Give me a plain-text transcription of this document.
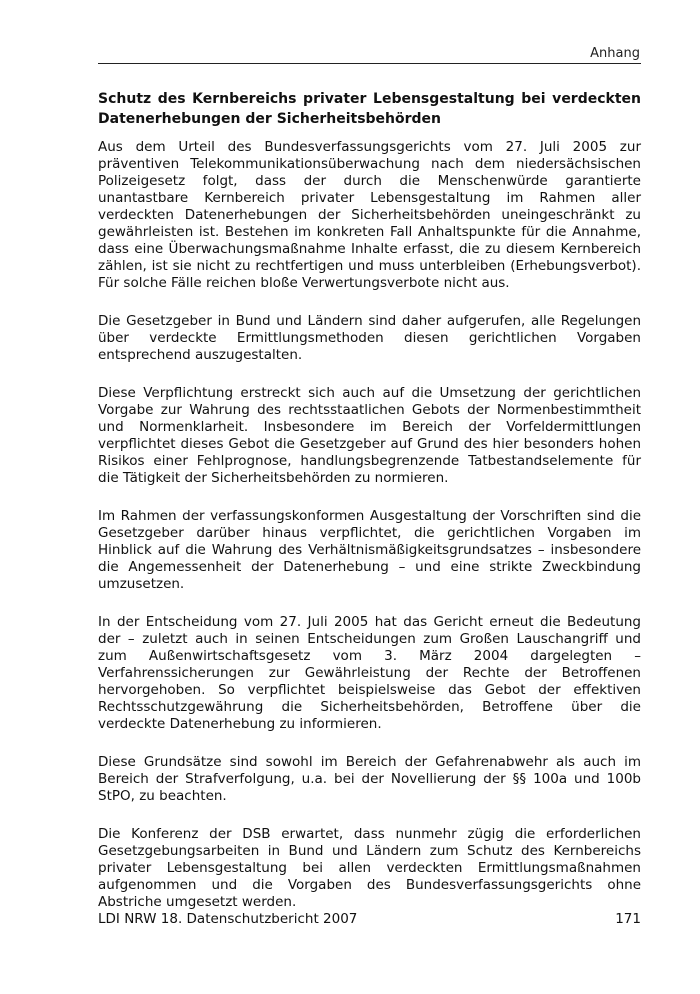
Anhang
Schutz des Kernbereichs privater Lebensgestaltung bei verdeckten Datenerhebungen der Sicherheitsbehörden

Aus dem Urteil des Bundesverfassungsgerichts vom 27. Juli 2005 zur präventiven Telekommunikationsüberwachung nach dem niedersächsischen Polizeigesetz folgt, dass der durch die Menschenwürde garantierte unantastbare Kernbereich privater Lebensgestaltung im Rahmen aller verdeckten Datenerhebungen der Sicherheitsbehörden uneingeschränkt zu gewährleisten ist. Bestehen im konkreten Fall Anhaltspunkte für die Annahme, dass eine Überwachungsmaßnahme Inhalte erfasst, die zu diesem Kernbereich zählen, ist sie nicht zu rechtfertigen und muss unterbleiben (Erhebungsverbot). Für solche Fälle reichen bloße Verwertungsverbote nicht aus.

Die Gesetzgeber in Bund und Ländern sind daher aufgerufen, alle Regelungen über verdeckte Ermittlungsmethoden diesen gerichtlichen Vorgaben entsprechend auszugestalten.

Diese Verpflichtung erstreckt sich auch auf die Umsetzung der gerichtlichen Vorgabe zur Wahrung des rechtsstaatlichen Gebots der Normenbestimmtheit und Normenklarheit. Insbesondere im Bereich der Vorfeldermittlungen verpflichtet dieses Gebot die Gesetzgeber auf Grund des hier besonders hohen Risikos einer Fehlprognose, handlungsbegrenzende Tatbestandselemente für die Tätigkeit der Sicherheitsbehörden zu normieren.

Im Rahmen der verfassungskonformen Ausgestaltung der Vorschriften sind die Gesetzgeber darüber hinaus verpflichtet, die gerichtlichen Vorgaben im Hinblick auf die Wahrung des Verhältnismäßigkeitsgrundsatzes – insbesondere die Angemessenheit der Datenerhebung – und eine strikte Zweckbindung umzusetzen.

In der Entscheidung vom 27. Juli 2005 hat das Gericht erneut die Bedeutung der – zuletzt auch in seinen Entscheidungen zum Großen Lauschangriff und zum Außenwirtschaftsgesetz vom 3. März 2004 dargelegten – Verfahrenssicherungen zur Gewährleistung der Rechte der Betroffenen hervorgehoben. So verpflichtet beispielsweise das Gebot der effektiven Rechtsschutzgewährung die Sicherheitsbehörden, Betroffene über die verdeckte Datenerhebung zu informieren.

Diese Grundsätze sind sowohl im Bereich der Gefahrenabwehr als auch im Bereich der Strafverfolgung, u.a. bei der Novellierung der §§ 100a und 100b StPO, zu beachten.

Die Konferenz der DSB erwartet, dass nunmehr zügig die erforderlichen Gesetzgebungsarbeiten in Bund und Ländern zum Schutz des Kernbereichs privater Lebensgestaltung bei allen verdeckten Ermittlungsmaßnahmen aufgenommen und die Vorgaben des Bundesverfassungsgerichts ohne Abstriche umgesetzt werden.

LDI NRW 18. Datenschutzbericht 2007	171
